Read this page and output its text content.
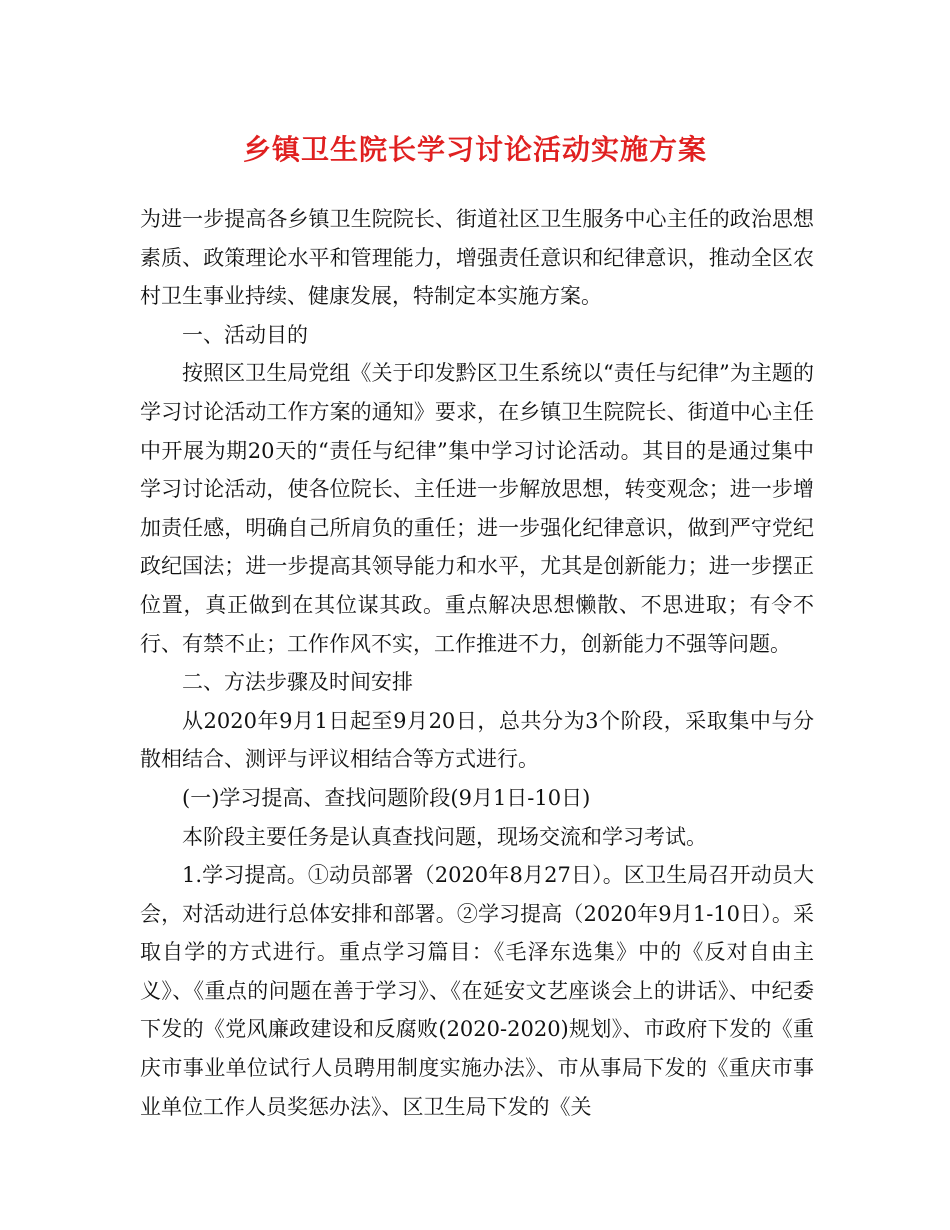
乡镇卫生院长学习讨论活动实施方案

为进一步提高各乡镇卫生院院长、街道社区卫生服务中心主任的政治思想素质、政策理论水平和管理能力，增强责任意识和纪律意识，推动全区农村卫生事业持续、健康发展，特制定本实施方案。

一、活动目的

按照区卫生局党组《关于印发黔区卫生系统以“责任与纪律”为主题的学习讨论活动工作方案的通知》要求，在乡镇卫生院院长、街道中心主任中开展为期20天的“责任与纪律”集中学习讨论活动。其目的是通过集中学习讨论活动，使各位院长、主任进一步解放思想，转变观念；进一步增加责任感，明确自己所肩负的重任；进一步强化纪律意识，做到严守党纪政纪国法；进一步提高其领导能力和水平，尤其是创新能力；进一步摆正位置，真正做到在其位谋其政。重点解决思想懒散、不思进取；有令不行、有禁不止；工作作风不实，工作推进不力，创新能力不强等问题。

二、方法步骤及时间安排

从2020年9月1日起至9月20日，总共分为3个阶段，采取集中与分散相结合、测评与评议相结合等方式进行。

(一)学习提高、查找问题阶段(9月1日-10日)

本阶段主要任务是认真查找问题，现场交流和学习考试。

1.学习提高。①动员部署（2020年8月27日）。区卫生局召开动员大会，对活动进行总体安排和部署。②学习提高（2020年9月1-10日）。采取自学的方式进行。重点学习篇目：《毛泽东选集》中的《反对自由主义》、《重点的问题在善于学习》、《在延安文艺座谈会上的讲话》、中纪委下发的《党风廉政建设和反腐败(2020-2020)规划》、市政府下发的《重庆市事业单位试行人员聘用制度实施办法》、市从事局下发的《重庆市事业单位工作人员奖惩办法》、区卫生局下发的《关
